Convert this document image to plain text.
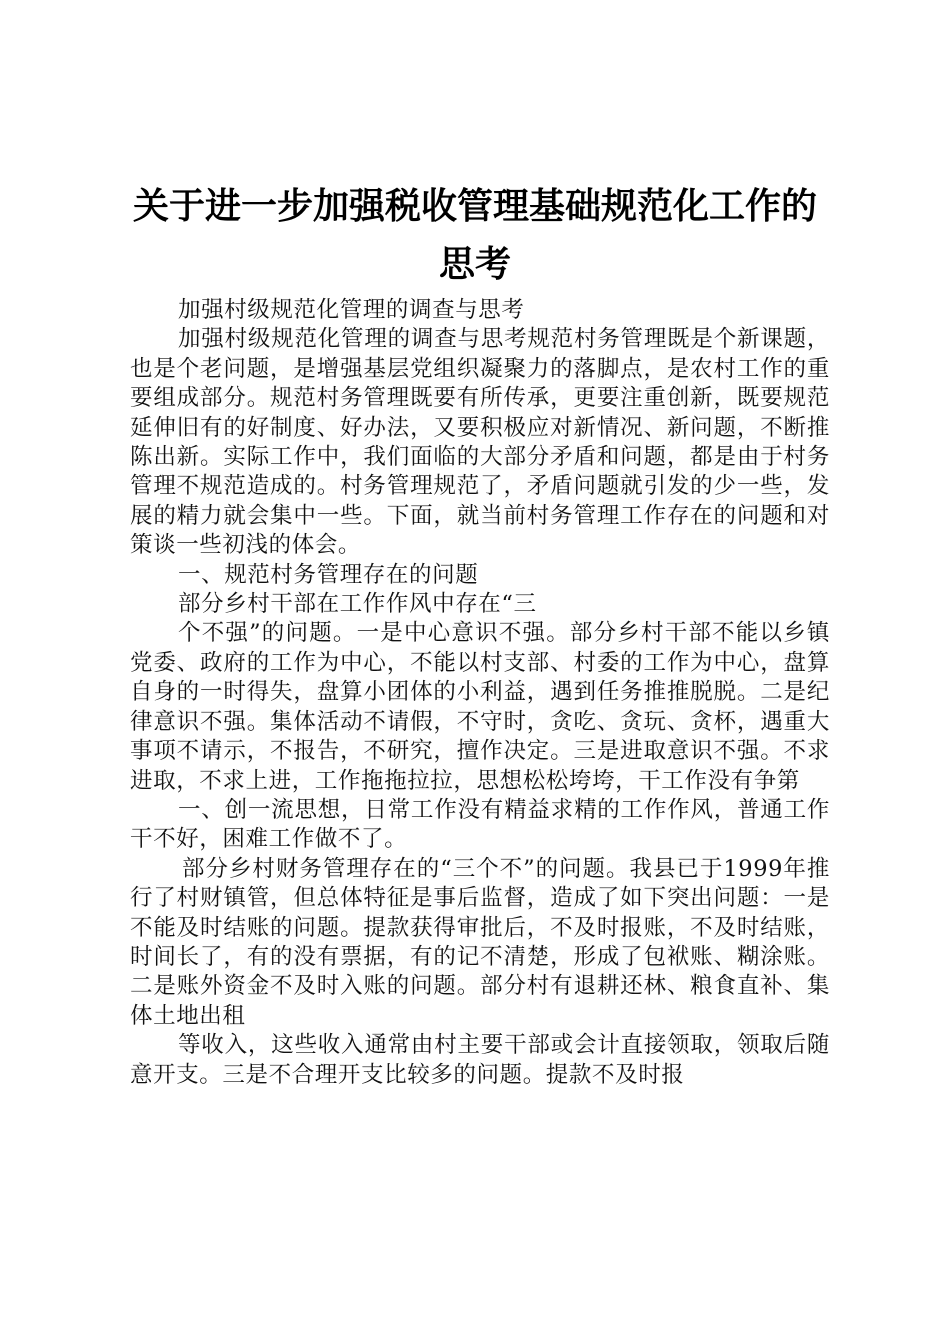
关于进一步加强税收管理基础规范化工作的思考

加强村级规范化管理的调查与思考

加强村级规范化管理的调查与思考规范村务管理既是个新课题，也是个老问题，是增强基层党组织凝聚力的落脚点，是农村工作的重要组成部分。规范村务管理既要有所传承，更要注重创新，既要规范延伸旧有的好制度、好办法，又要积极应对新情况、新问题，不断推陈出新。实际工作中，我们面临的大部分矛盾和问题，都是由于村务管理不规范造成的。村务管理规范了，矛盾问题就引发的少一些，发展的精力就会集中一些。下面，就当前村务管理工作存在的问题和对策谈一些初浅的体会。

一、规范村务管理存在的问题

部分乡村干部在工作作风中存在“三

个不强”的问题。一是中心意识不强。部分乡村干部不能以乡镇党委、政府的工作为中心，不能以村支部、村委的工作为中心，盘算自身的一时得失，盘算小团体的小利益，遇到任务推推脱脱。二是纪律意识不强。集体活动不请假，不守时，贪吃、贪玩、贪杯，遇重大事项不请示，不报告，不研究，擅作决定。三是进取意识不强。不求进取，不求上进，工作拖拖拉拉，思想松松垮垮，干工作没有争第

一、创一流思想，日常工作没有精益求精的工作作风，普通工作干不好，困难工作做不了。

部分乡村财务管理存在的“三个不”的问题。我县已于1999年推行了村财镇管，但总体特征是事后监督，造成了如下突出问题：一是不能及时结账的问题。提款获得审批后，不及时报账，不及时结账，时间长了，有的没有票据，有的记不清楚，形成了包袱账、糊涂账。二是账外资金不及时入账的问题。部分村有退耕还林、粮食直补、集体土地出租

等收入，这些收入通常由村主要干部或会计直接领取，领取后随意开支。三是不合理开支比较多的问题。提款不及时报
